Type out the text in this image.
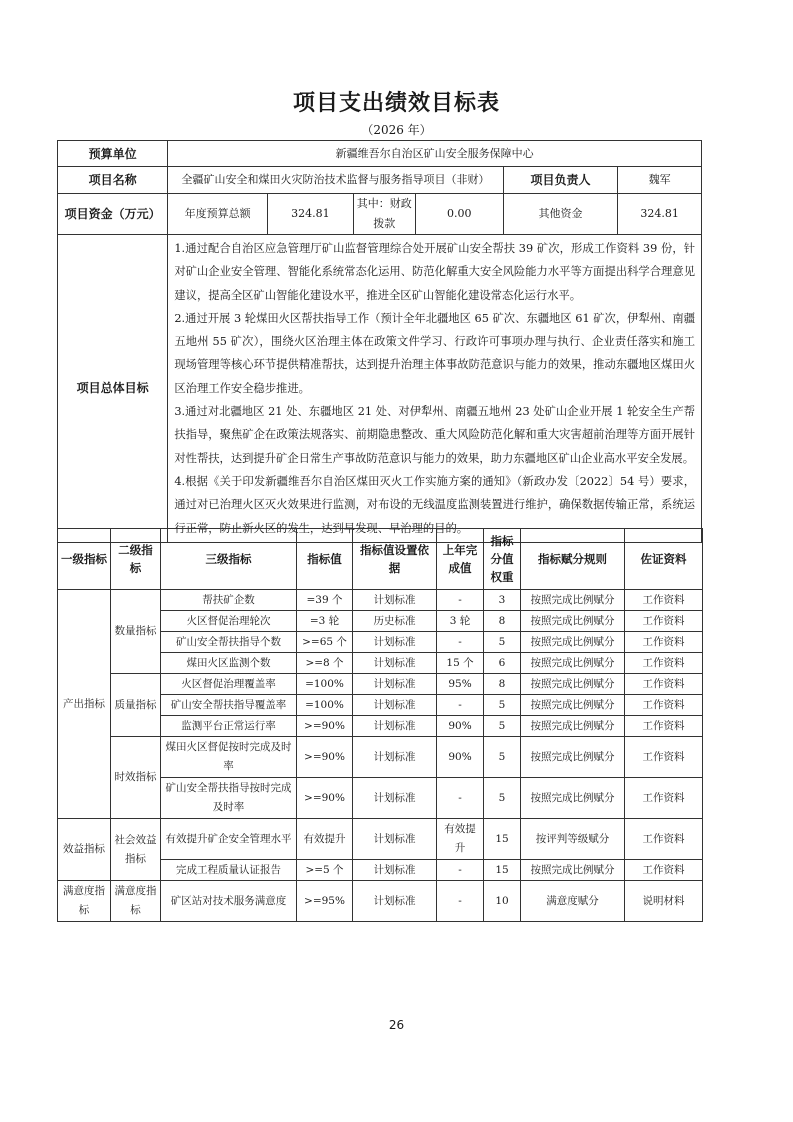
项目支出绩效目标表
（2026 年）
预算单位	新疆维吾尔自治区矿山安全服务保障中心					
项目名称	全疆矿山安全和煤田火灾防治技术监督与服务指导项目（非财）				项目负责人	魏军
项目资金（万元）	年度预算总额	324.81	其中：财政拨款	0.00	其他资金	324.81
项目总体目标	1.通过配合自治区应急管理厅矿山监督管理综合处开展矿山安全帮扶 39 矿次，形成工作资料 39 份，针对矿山企业安全管理、智能化系统常态化运用、防范化解重大安全风险能力水平等方面提出科学合理意见建议，提高全区矿山智能化建设水平，推进全区矿山智能化建设常态化运行水平。

2.通过开展 3 轮煤田火区帮扶指导工作（预计全年北疆地区 65 矿次、东疆地区 61 矿次，伊犁州、南疆五地州 55 矿次），围绕火区治理主体在政策文件学习、行政许可事项办理与执行、企业责任落实和施工现场管理等核心环节提供精准帮扶，达到提升治理主体事故防范意识与能力的效果，推动东疆地区煤田火区治理工作安全稳步推进。

3.通过对北疆地区 21 处、东疆地区 21 处、对伊犁州、南疆五地州 23 处矿山企业开展 1 轮安全生产帮扶指导，聚焦矿企在政策法规落实、前期隐患整改、重大风险防范化解和重大灾害超前治理等方面开展针对性帮扶，达到提升矿企日常生产事故防范意识与能力的效果，助力东疆地区矿山企业高水平安全发展。

4.根据《关于印发新疆维吾尔自治区煤田灭火工作实施方案的通知》（新政办发〔2022〕54 号）要求，通过对已治理火区灭火效果进行监测，对布设的无线温度监测装置进行维护，确保数据传输正常，系统运行正常，防止新火区的发生，达到早发现、早治理的目的。					

一级指标	二级指标	三级指标	指标值	指标值设置依据	上年完成值	指标分值权重	指标赋分规则	佐证资料
产出指标	数量指标	帮扶矿企数	=39 个	计划标准	-	3	按照完成比例赋分	工作资料
		火区督促治理轮次	=3 轮	历史标准	3 轮	8	按照完成比例赋分	工作资料
		矿山安全帮扶指导个数	>=65 个	计划标准	-	5	按照完成比例赋分	工作资料
		煤田火区监测个数	>=8 个	计划标准	15 个	6	按照完成比例赋分	工作资料
	质量指标	火区督促治理覆盖率	=100%	计划标准	95%	8	按照完成比例赋分	工作资料
		矿山安全帮扶指导覆盖率	=100%	计划标准	-	5	按照完成比例赋分	工作资料
		监测平台正常运行率	>=90%	计划标准	90%	5	按照完成比例赋分	工作资料
	时效指标	煤田火区督促按时完成及时率	>=90%	计划标准	90%	5	按照完成比例赋分	工作资料
		矿山安全帮扶指导按时完成及时率	>=90%	计划标准	-	5	按照完成比例赋分	工作资料
效益指标	社会效益指标	有效提升矿企安全管理水平	有效提升	计划标准	有效提升	15	按评判等级赋分	工作资料
		完成工程质量认证报告	>=5 个	计划标准	-	15	按照完成比例赋分	工作资料
满意度指标	满意度指标	矿区站对技术服务满意度	>=95%	计划标准	-	10	满意度赋分	说明材料
26
